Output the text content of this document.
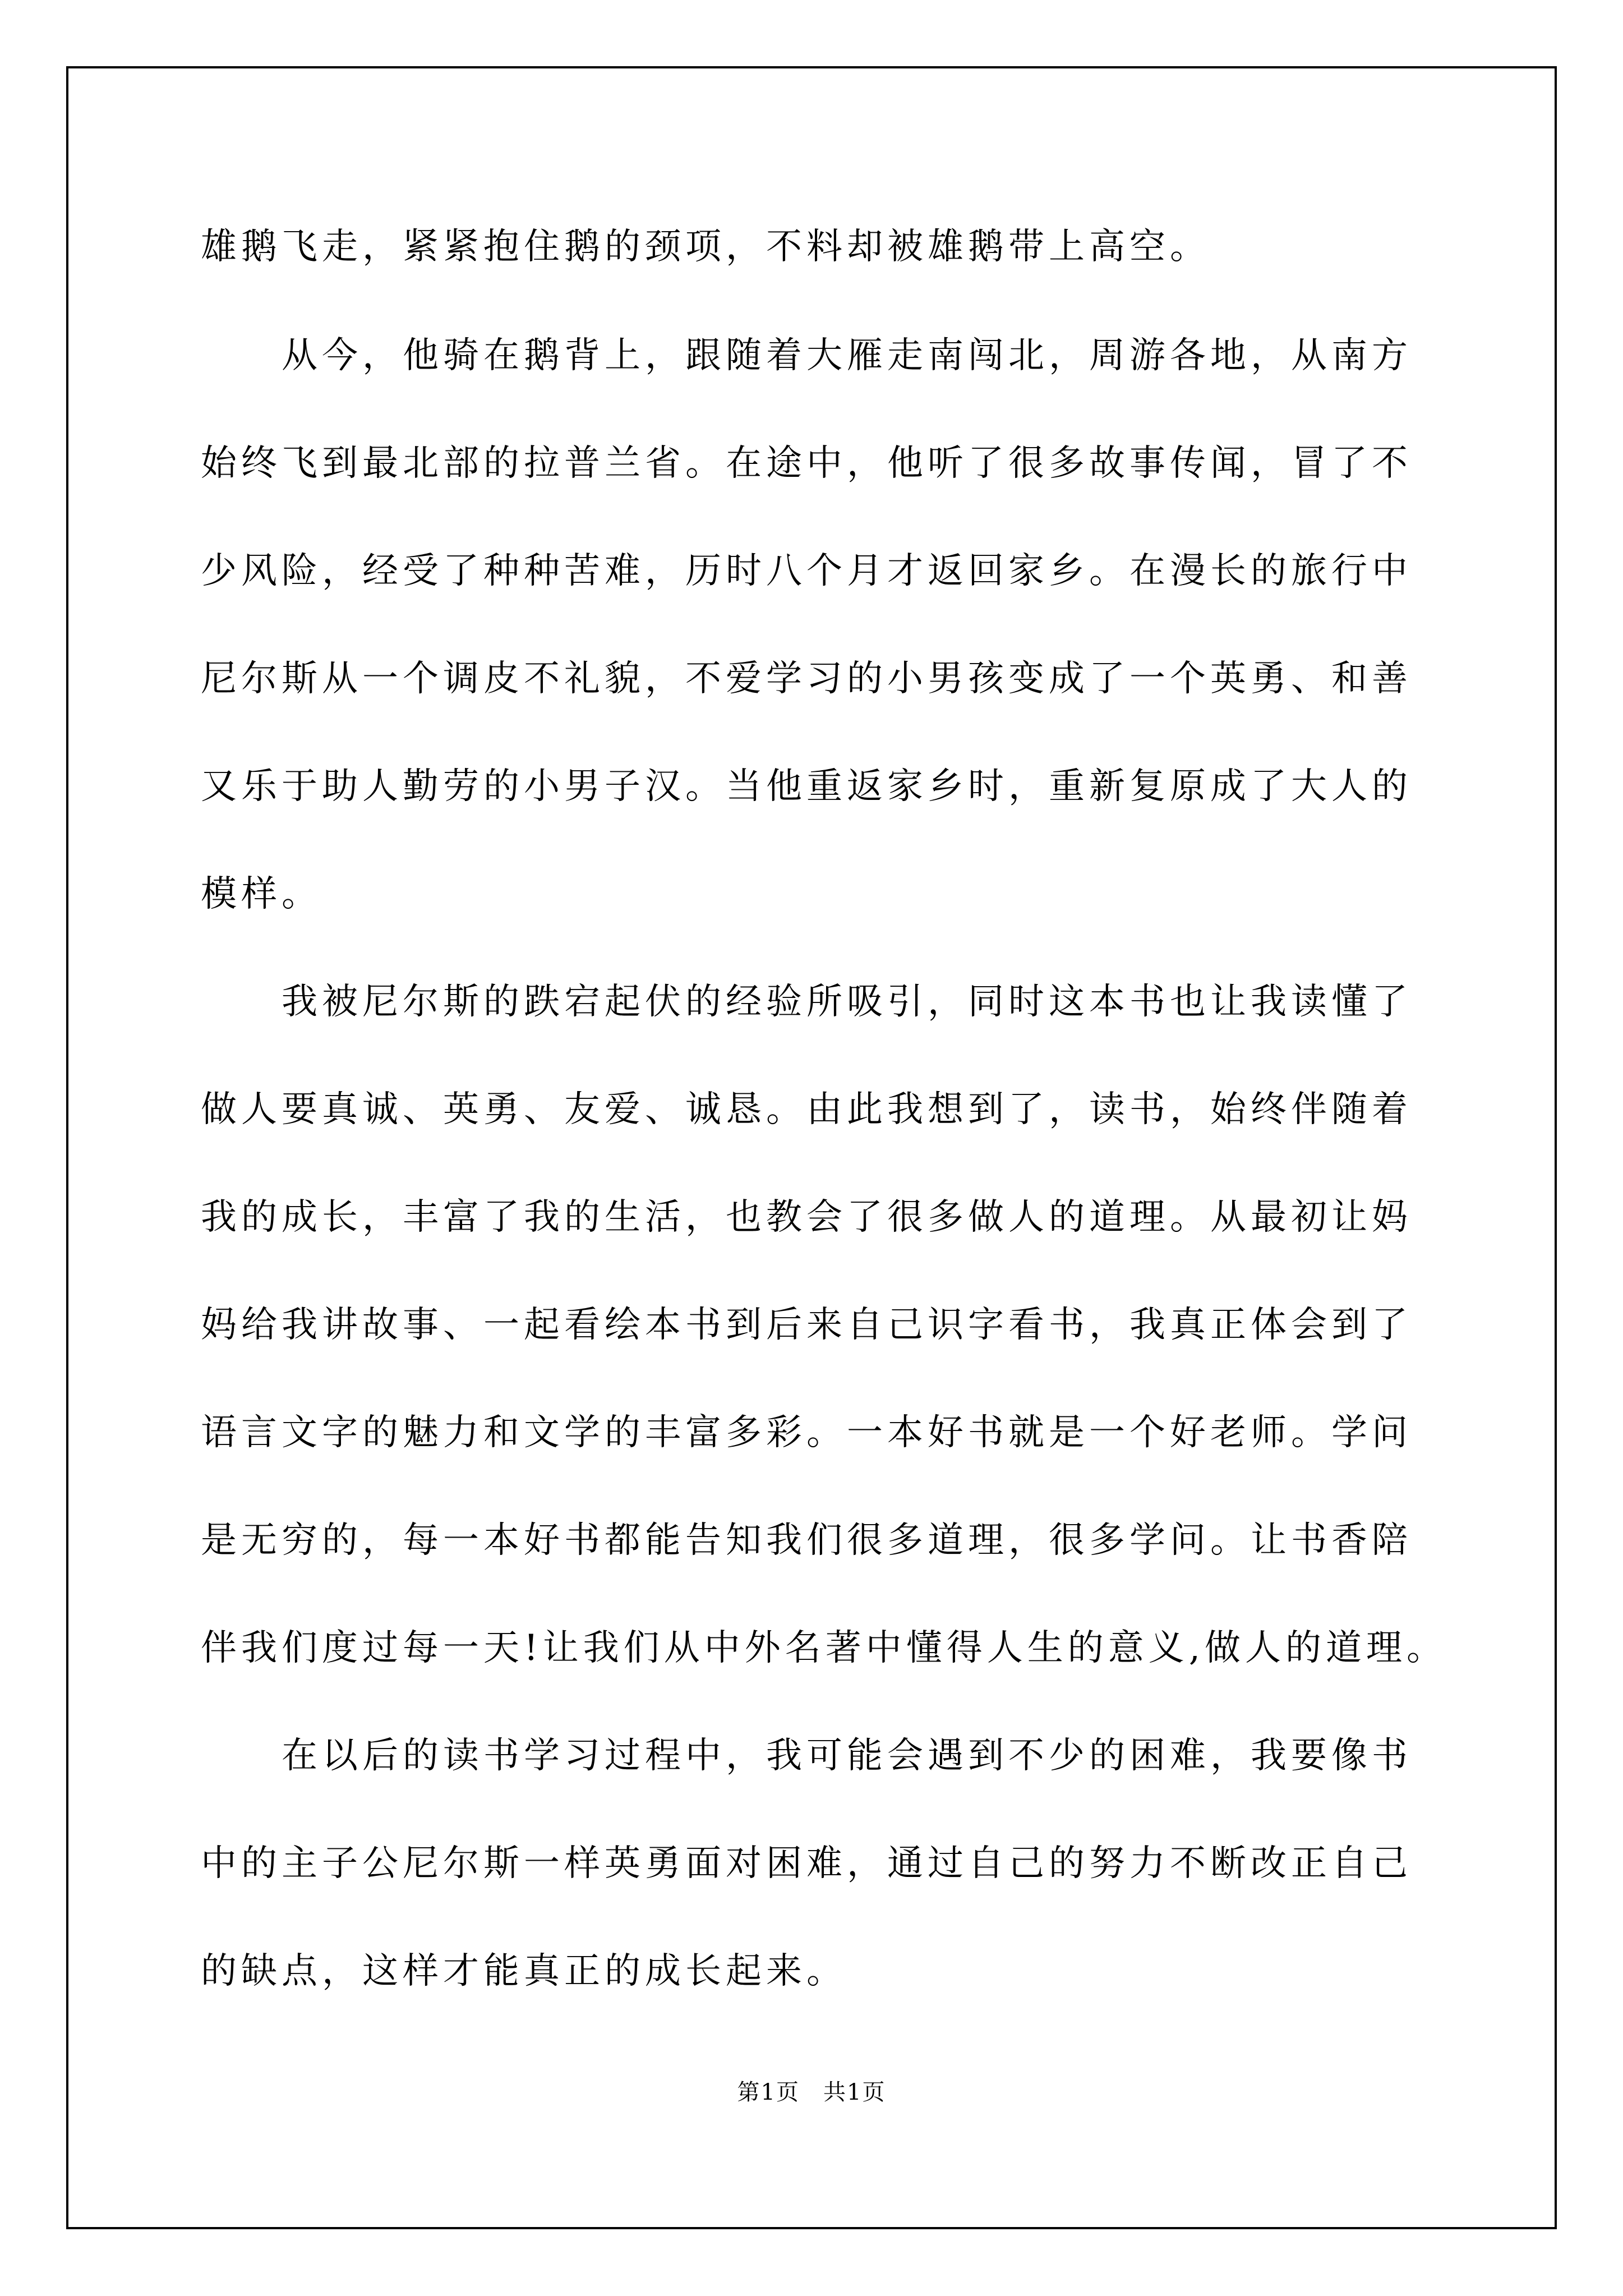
雄鹅飞走，紧紧抱住鹅的颈项，不料却被雄鹅带上高空。
　　从今，他骑在鹅背上，跟随着大雁走南闯北，周游各地，从南方
始终飞到最北部的拉普兰省。在途中，他听了很多故事传闻，冒了不
少风险，经受了种种苦难，历时八个月才返回家乡。在漫长的旅行中
尼尔斯从一个调皮不礼貌，不爱学习的小男孩变成了一个英勇、和善
又乐于助人勤劳的小男子汉。当他重返家乡时，重新复原成了大人的
模样。
　　我被尼尔斯的跌宕起伏的经验所吸引，同时这本书也让我读懂了
做人要真诚、英勇、友爱、诚恳。由此我想到了，读书，始终伴随着
我的成长，丰富了我的生活，也教会了很多做人的道理。从最初让妈
妈给我讲故事、一起看绘本书到后来自己识字看书，我真正体会到了
语言文字的魅力和文学的丰富多彩。一本好书就是一个好老师。学问
是无穷的，每一本好书都能告知我们很多道理，很多学问。让书香陪
伴我们度过每一天!让我们从中外名著中懂得人生的意义,做人的道理。
　　在以后的读书学习过程中，我可能会遇到不少的困难，我要像书
中的主子公尼尔斯一样英勇面对困难，通过自己的努力不断改正自己
的缺点，这样才能真正的成长起来。
第1页　共1页
